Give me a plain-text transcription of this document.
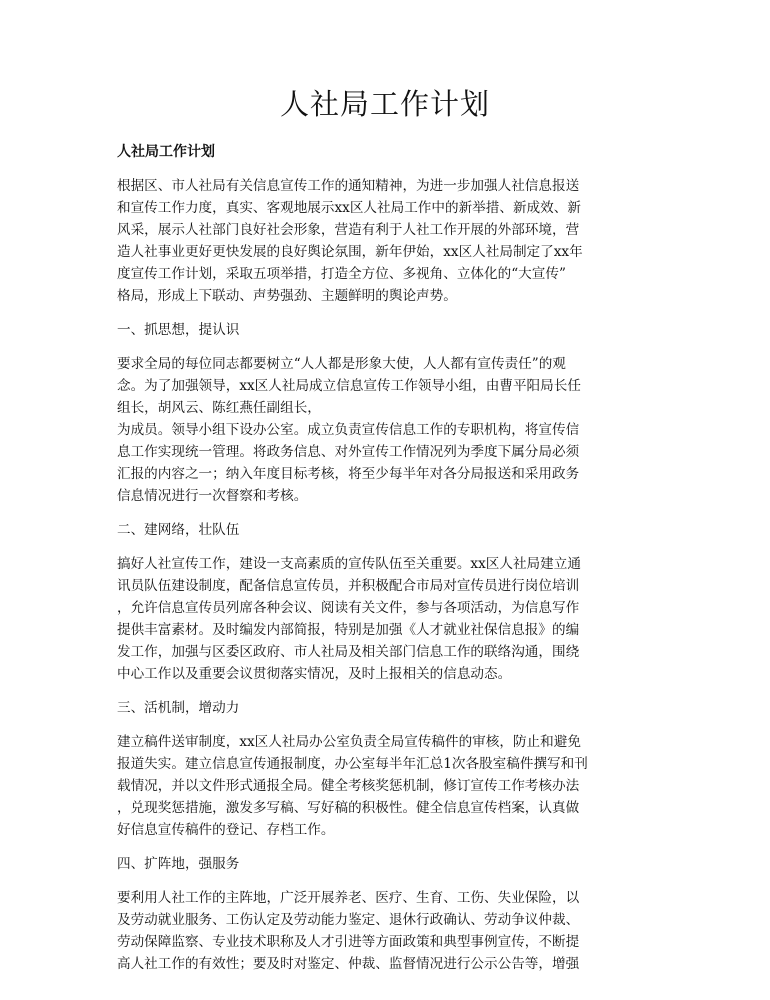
人社局工作计划

人社局工作计划

根据区、市人社局有关信息宣传工作的通知精神，为进一步加强人社信息报送
和宣传工作力度，真实、客观地展示xx区人社局工作中的新举措、新成效、新
风采，展示人社部门良好社会形象，营造有利于人社工作开展的外部环境，营
造人社事业更好更快发展的良好舆论氛围，新年伊始，xx区人社局制定了xx年
度宣传工作计划，采取五项举措，打造全方位、多视角、立体化的“大宣传”
格局，形成上下联动、声势强劲、主题鲜明的舆论声势。

一、抓思想，提认识

要求全局的每位同志都要树立“人人都是形象大使，人人都有宣传责任”的观
念。为了加强领导，xx区人社局成立信息宣传工作领导小组，由曹平阳局长任
组长，胡风云、陈红燕任副组长，
为成员。领导小组下设办公室。成立负责宣传信息工作的专职机构，将宣传信
息工作实现统一管理。将政务信息、对外宣传工作情况列为季度下属分局必须
汇报的内容之一；纳入年度目标考核，将至少每半年对各分局报送和采用政务
信息情况进行一次督察和考核。

二、建网络，壮队伍

搞好人社宣传工作，建设一支高素质的宣传队伍至关重要。xx区人社局建立通
讯员队伍建设制度，配备信息宣传员，并积极配合市局对宣传员进行岗位培训
，允许信息宣传员列席各种会议、阅读有关文件，参与各项活动，为信息写作
提供丰富素材。及时编发内部简报，特别是加强《人才就业社保信息报》的编
发工作，加强与区委区政府、市人社局及相关部门信息工作的联络沟通，围绕
中心工作以及重要会议贯彻落实情况，及时上报相关的信息动态。

三、活机制，增动力

建立稿件送审制度，xx区人社局办公室负责全局宣传稿件的审核，防止和避免
报道失实。建立信息宣传通报制度，办公室每半年汇总1次各股室稿件撰写和刊
载情况，并以文件形式通报全局。健全考核奖惩机制，修订宣传工作考核办法
，兑现奖惩措施，激发多写稿、写好稿的积极性。健全信息宣传档案，认真做
好信息宣传稿件的登记、存档工作。

四、扩阵地，强服务

要利用人社工作的主阵地，广泛开展养老、医疗、生育、工伤、失业保险，以
及劳动就业服务、工伤认定及劳动能力鉴定、退休行政确认、劳动争议仲裁、
劳动保障监察、专业技术职称及人才引进等方面政策和典型事例宣传，不断提
高人社工作的有效性；要及时对鉴定、仲裁、监督情况进行公示公告等，增强
